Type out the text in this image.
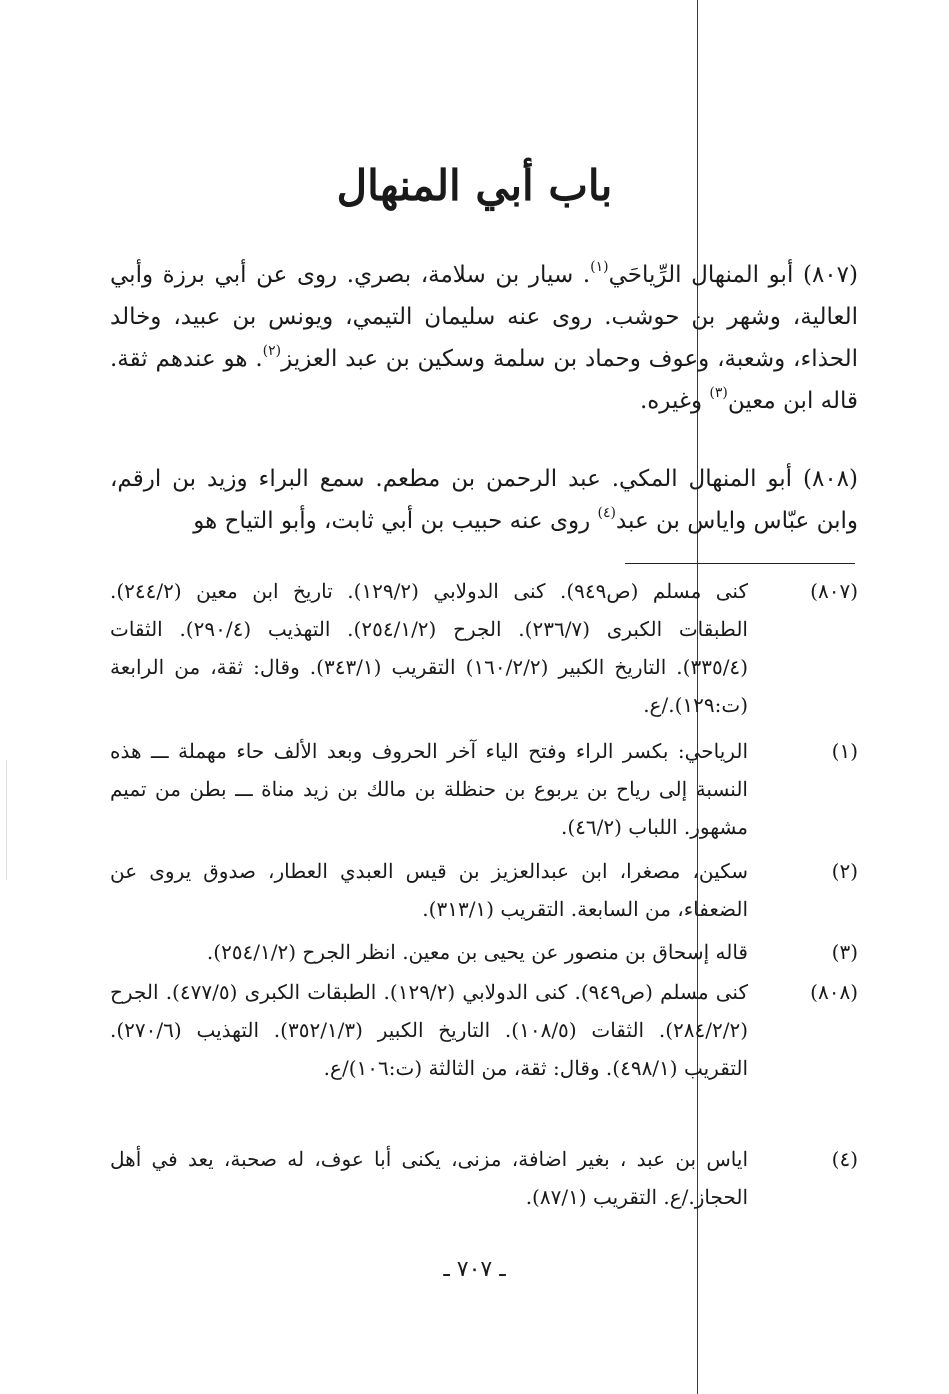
باب أبي المنهال

(٨٠٧) أبو المنهال الرِّياحَي$^{(١)}$. سيار بن سلامة، بصري. روى عن أبي برزة وأبي العالية، وشهر بن حوشب. روى عنه سليمان التيمي، ويونس بن عبيد، وخالد الحذاء، وشعبة، وعوف وحماد بن سلمة وسكين بن عبد العزيز$^{(٢)}$. هو عندهم ثقة. قاله ابن معين$^{(٣)}$ وغيره.

(٨٠٨) أبو المنهال المكي. عبد الرحمن بن مطعم. سمع البراء وزيد بن ارقم، وابن عبّاس واياس بن عبد$^{(٤)}$ روى عنه حبيب بن أبي ثابت، وأبو التياح هو

(٨٠٧)
كنى مسلم (ص٩٤٩). كنى الدولابي (١٢٩/٢). تاريخ ابن معين (٢٤٤/٢). الطبقات الكبرى (٢٣٦/٧). الجرح (٢٥٤/١/٢). التهذيب (٢٩٠/٤). الثقات (٣٣٥/٤). التاريخ الكبير (١٦٠/٢/٢) التقريب (٣٤٣/١). وقال: ثقة، من الرابعة (ت:١٢٩)./ع.
(١)
الرياحي: بكسر الراء وفتح الياء آخر الحروف وبعد الألف حاء مهملة ـــ هذه النسبة إلى رياح بن يربوع بن حنظلة بن مالك بن زيد مناة ـــ بطن من تميم مشهور. اللباب (٤٦/٢).
(٢)
سكين، مصغرا، ابن عبدالعزيز بن قيس العبدي العطار، صدوق يروى عن الضعفاء، من السابعة. التقريب (٣١٣/١).
(٣)
قاله إسحاق بن منصور عن يحيى بن معين. انظر الجرح (٢٥٤/١/٢).
(٨٠٨)
كنى مسلم (ص٩٤٩). كنى الدولابي (١٢٩/٢). الطبقات الكبرى (٤٧٧/٥). الجرح (٢٨٤/٢/٢). الثقات (١٠٨/٥). التاريخ الكبير (٣٥٢/١/٣). التهذيب (٢٧٠/٦). التقريب (٤٩٨/١). وقال: ثقة، من الثالثة (ت:١٠٦)/ع.
(٤)
اياس بن عبد ، بغير اضافة، مزنى، يكنى أبا عوف، له صحبة، يعد في أهل الحجاز./ع. التقريب (٨٧/١).
ـ ٧٠٧ ـ
